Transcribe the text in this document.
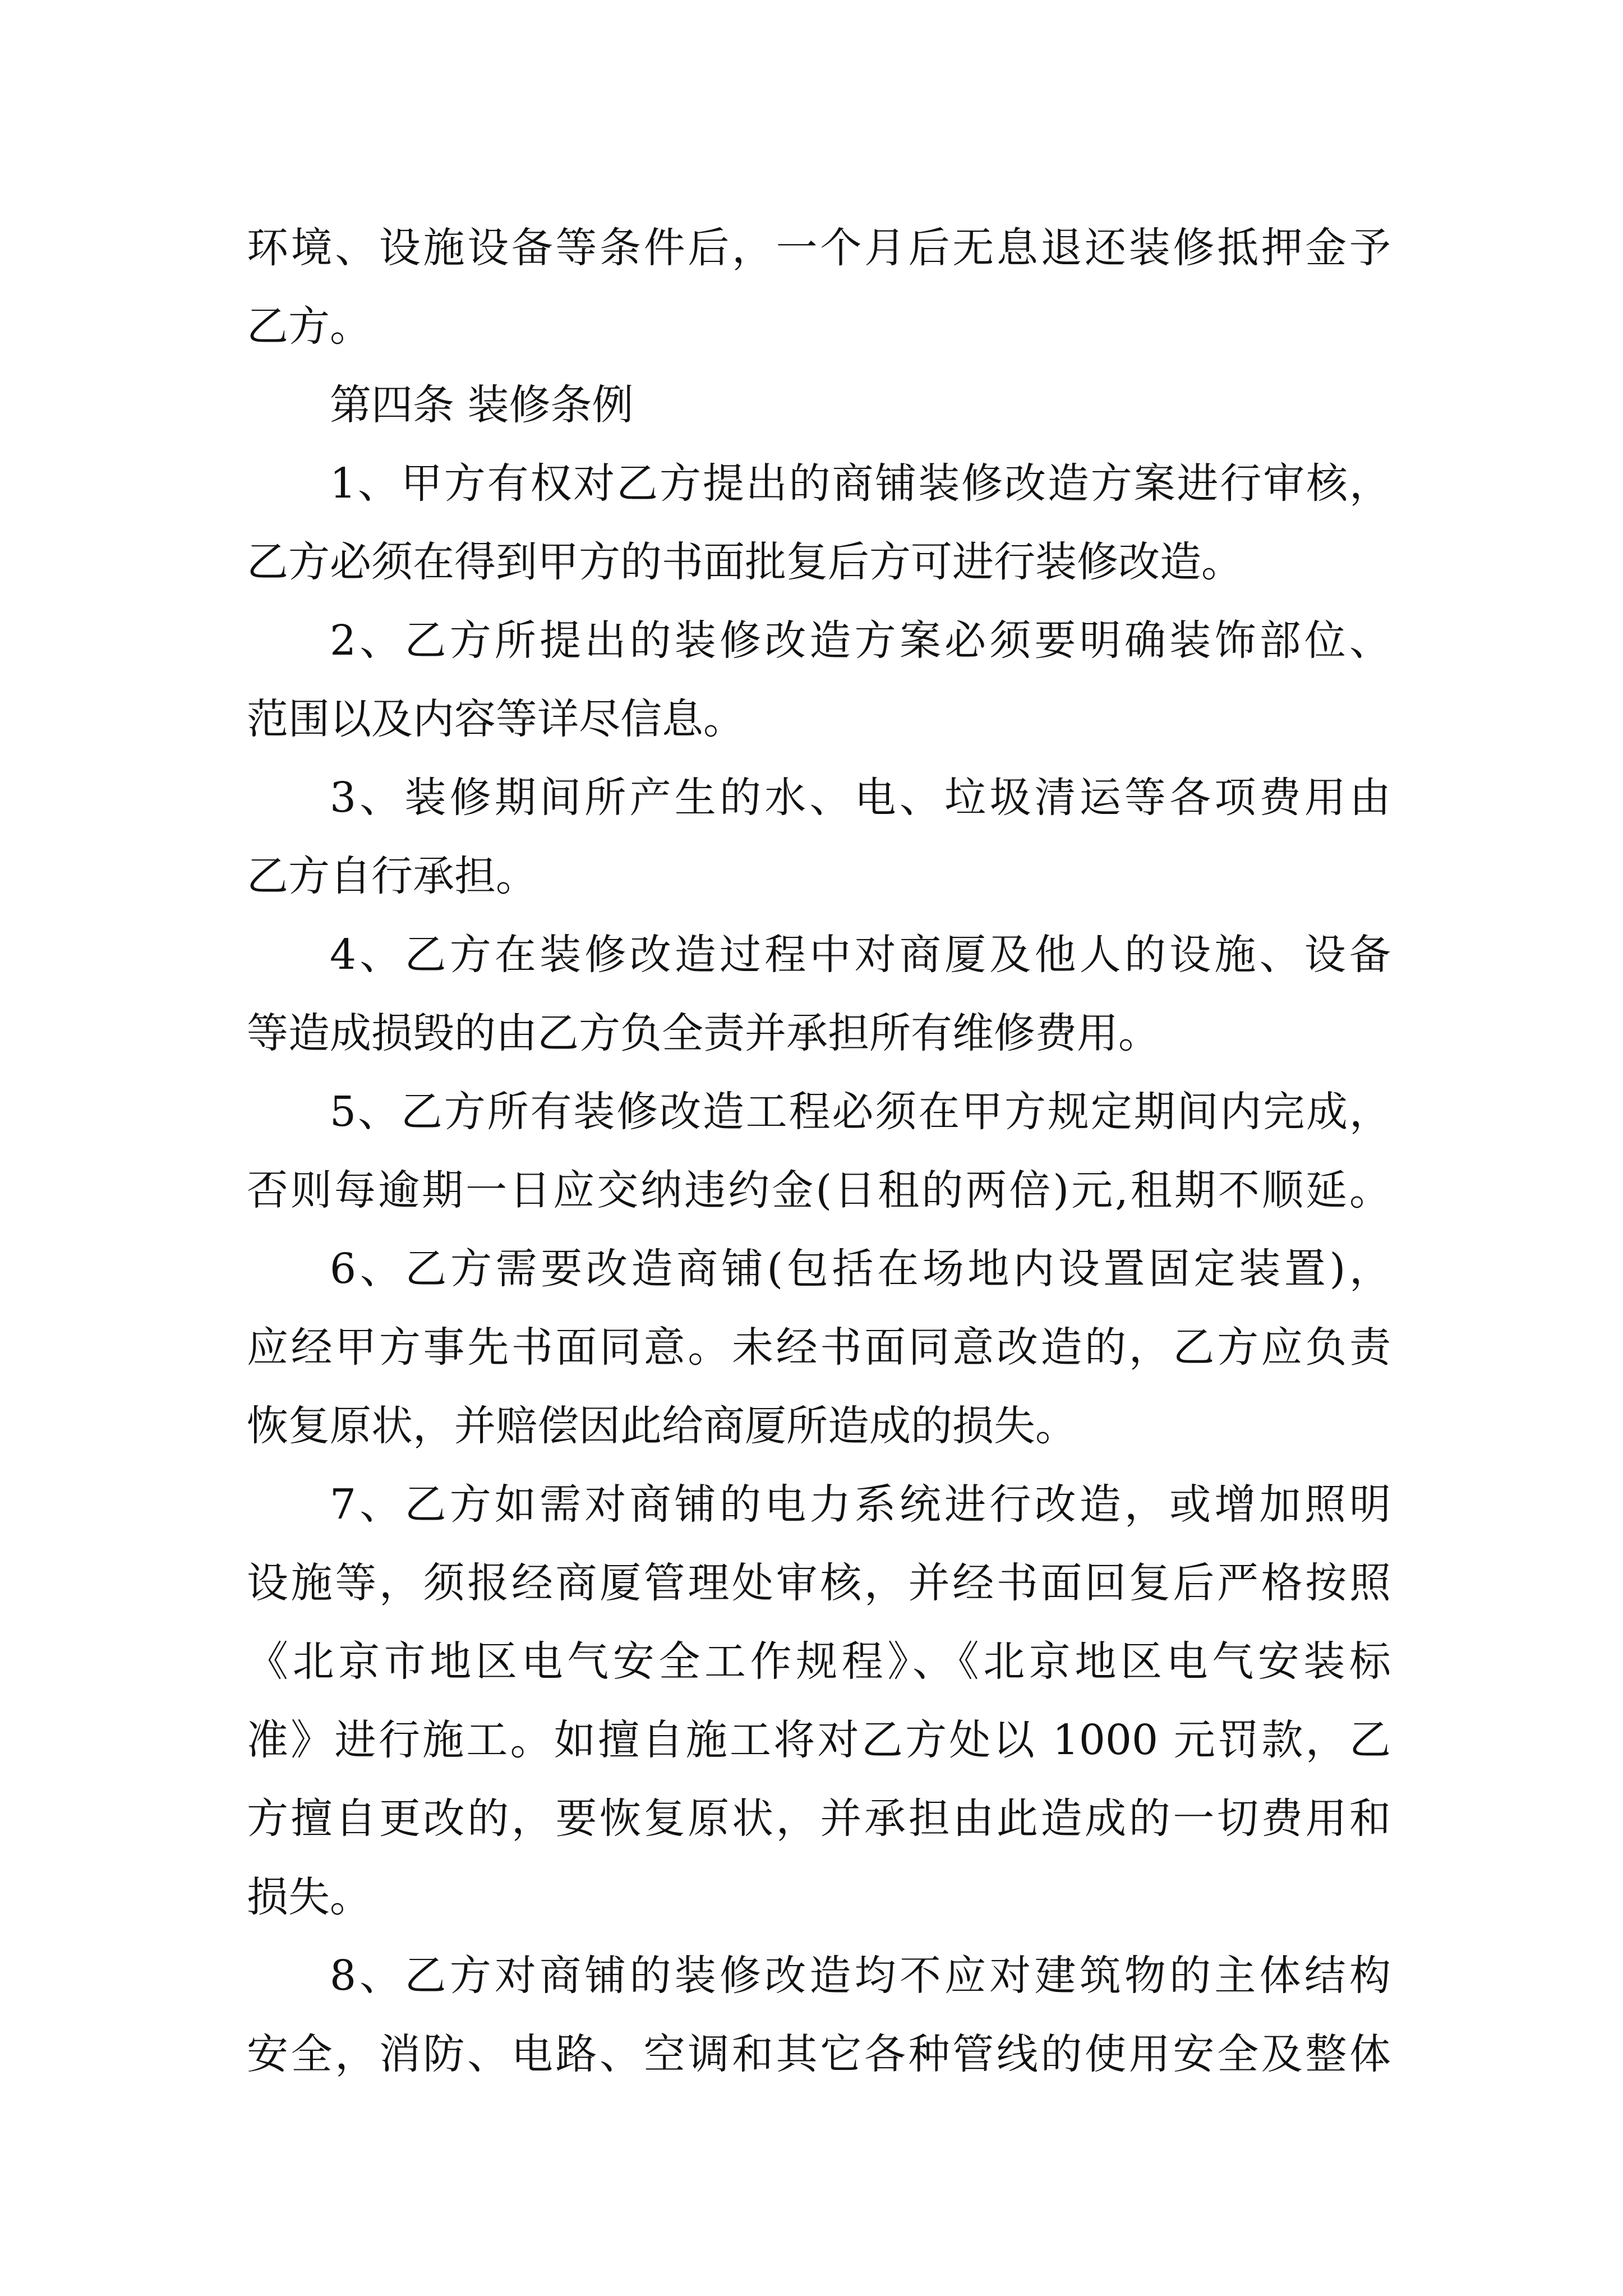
环境、设施设备等条件后，一个月后无息退还装修抵押金予
乙方。
第四条 装修条例
1、甲方有权对乙方提出的商铺装修改造方案进行审核，
乙方必须在得到甲方的书面批复后方可进行装修改造。
2、乙方所提出的装修改造方案必须要明确装饰部位、
范围以及内容等详尽信息。
3、装修期间所产生的水、电、垃圾清运等各项费用由
乙方自行承担。
4、乙方在装修改造过程中对商厦及他人的设施、设备
等造成损毁的由乙方负全责并承担所有维修费用。
5、乙方所有装修改造工程必须在甲方规定期间内完成，
否则每逾期一日应交纳违约金(日租的两倍)元,租期不顺延。
6、乙方需要改造商铺(包括在场地内设置固定装置)，
应经甲方事先书面同意。未经书面同意改造的，乙方应负责
恢复原状，并赔偿因此给商厦所造成的损失。
7、乙方如需对商铺的电力系统进行改造，或增加照明
设施等，须报经商厦管理处审核，并经书面回复后严格按照
《北京市地区电气安全工作规程》、《北京地区电气安装标
准》进行施工。如擅自施工将对乙方处以 1000 元罚款，乙
方擅自更改的，要恢复原状，并承担由此造成的一切费用和
损失。
8、乙方对商铺的装修改造均不应对建筑物的主体结构
安全，消防、电路、空调和其它各种管线的使用安全及整体
